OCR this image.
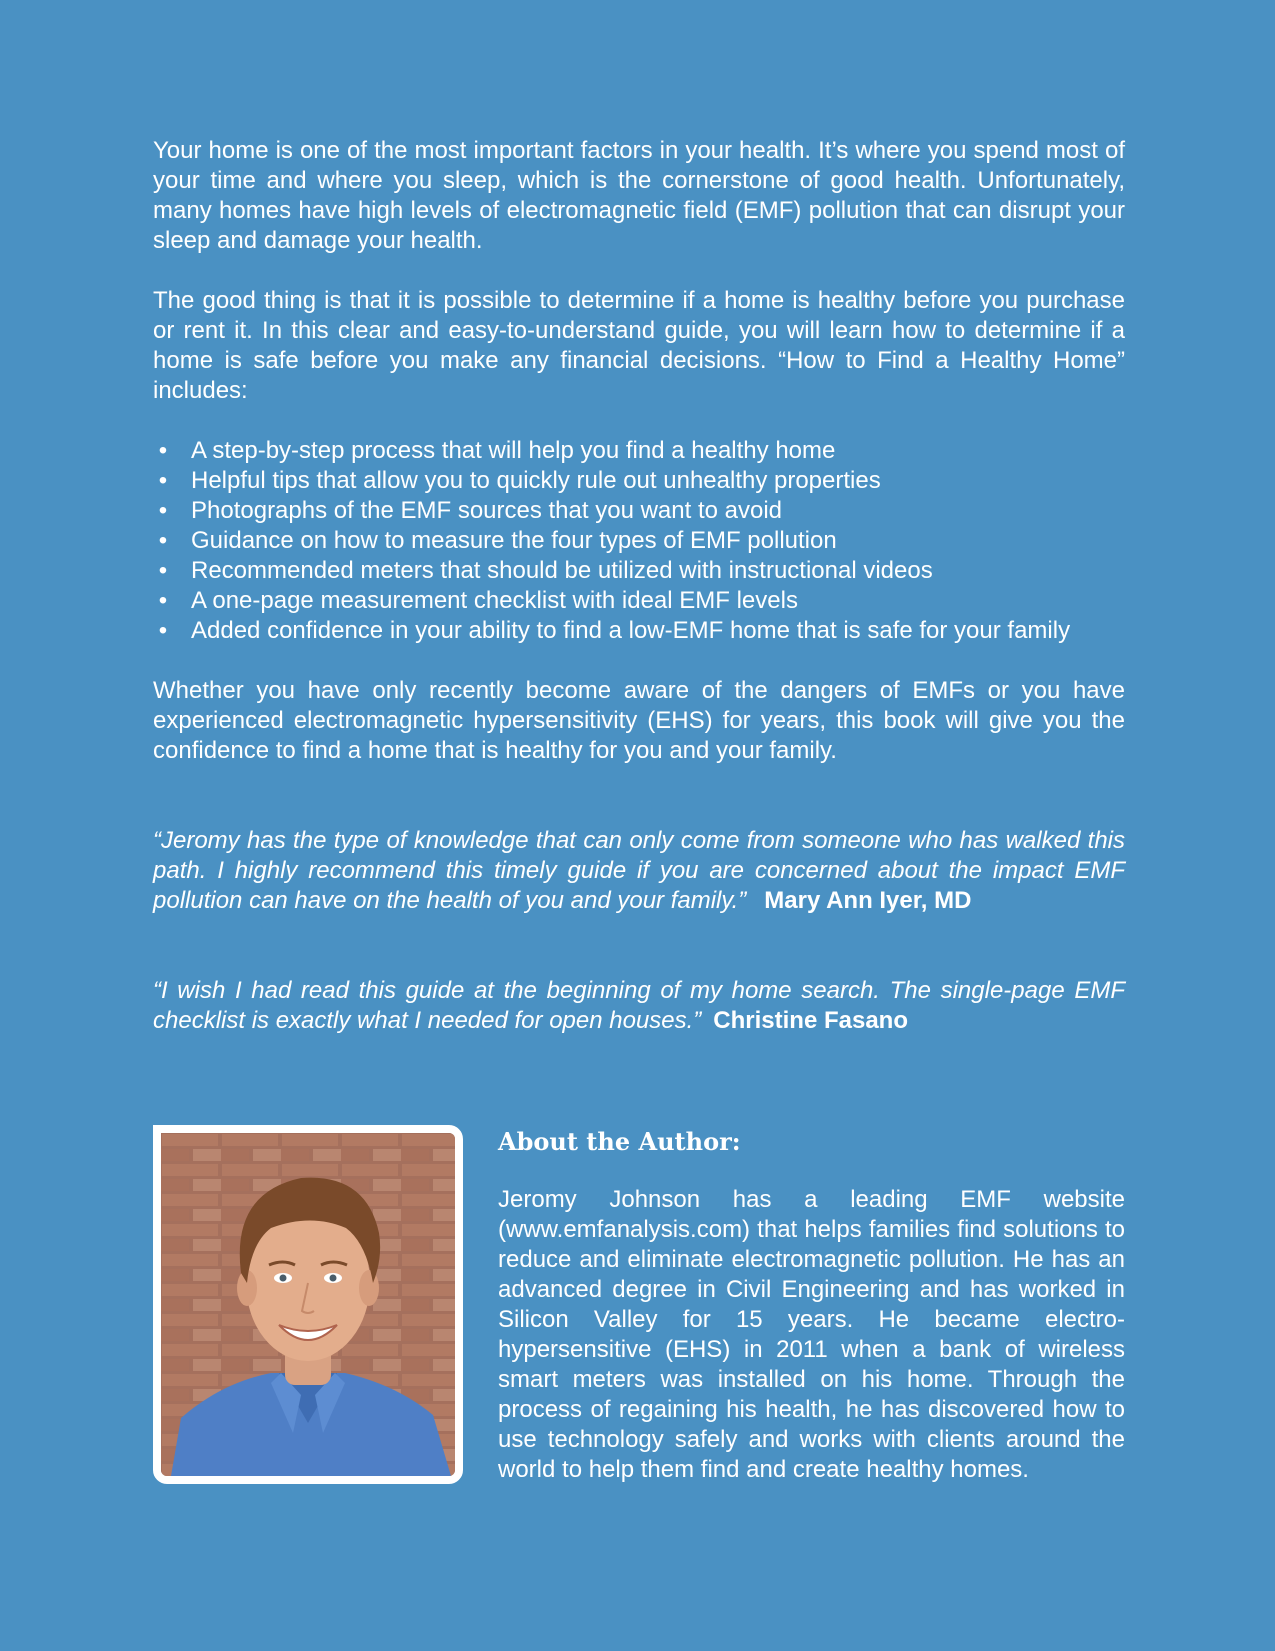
Your home is one of the most important factors in your health. It’s where you spend most of your time and where you sleep, which is the cornerstone of good health. Unfortunately, many homes have high levels of electromagnetic field (EMF) pollution that can disrupt your sleep and damage your health.

The good thing is that it is possible to determine if a home is healthy before you purchase or rent it. In this clear and easy-to-understand guide, you will learn how to determine if a home is safe before you make any financial decisions. “How to Find a Healthy Home” includes:

• A step-by-step process that will help you find a healthy home
• Helpful tips that allow you to quickly rule out unhealthy properties
• Photographs of the EMF sources that you want to avoid
• Guidance on how to measure the four types of EMF pollution
• Recommended meters that should be utilized with instructional videos
• A one-page measurement checklist with ideal EMF levels
• Added confidence in your ability to find a low-EMF home that is safe for your family

Whether you have only recently become aware of the dangers of EMFs or you have experienced electromagnetic hypersensitivity (EHS) for years, this book will give you the confidence to find a home that is healthy for you and your family.

“Jeromy has the type of knowledge that can only come from someone who has walked this path. I highly recommend this timely guide if you are concerned about the impact EMF pollution can have on the health of you and your family.” Mary Ann Iyer, MD

“I wish I had read this guide at the beginning of my home search. The single-page EMF checklist is exactly what I needed for open houses.” Christine Fasano

About the Author:

Jeromy Johnson has a leading EMF website (www.emfanalysis.com) that helps families find solutions to reduce and eliminate electromagnetic pollution. He has an advanced degree in Civil Engineering and has worked in Silicon Valley for 15 years. He became electro-hypersensitive (EHS) in 2011 when a bank of wireless smart meters was installed on his home. Through the process of regaining his health, he has discovered how to use technology safely and works with clients around the world to help them find and create healthy homes.
